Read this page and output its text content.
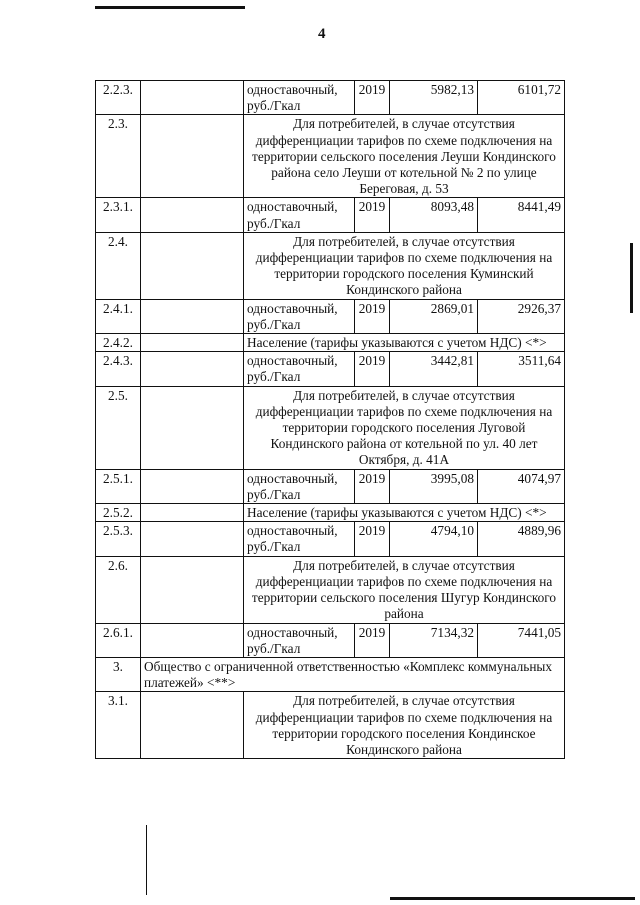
4
2.2.3.		одноставочный, руб./Гкал	2019	5982,13	6101,72
2.3.		Для потребителей, в случае отсутствия дифференциации тарифов по схеме подключения на территории сельского поселения Леуши Кондинского района село Леуши от котельной № 2 по улице Береговая, д. 53			
2.3.1.		одноставочный, руб./Гкал	2019	8093,48	8441,49
2.4.		Для потребителей, в случае отсутствия дифференциации тарифов по схеме подключения на территории городского поселения Куминский Кондинского района			
2.4.1.		одноставочный, руб./Гкал	2019	2869,01	2926,37
2.4.2.		Население (тарифы указываются с учетом НДС) <*>			
2.4.3.		одноставочный, руб./Гкал	2019	3442,81	3511,64
2.5.		Для потребителей, в случае отсутствия дифференциации тарифов по схеме подключения на территории городского поселения Луговой Кондинского района от котельной по ул. 40 лет Октября, д. 41А			
2.5.1.		одноставочный, руб./Гкал	2019	3995,08	4074,97
2.5.2.		Население (тарифы указываются с учетом НДС) <*>			
2.5.3.		одноставочный, руб./Гкал	2019	4794,10	4889,96
2.6.		Для потребителей, в случае отсутствия дифференциации тарифов по схеме подключения на территории сельского поселения Шугур Кондинского района			
2.6.1.		одноставочный, руб./Гкал	2019	7134,32	7441,05
3.	Общество с ограниченной ответственностью «Комплекс коммунальных платежей» <**>				
3.1.		Для потребителей, в случае отсутствия дифференциации тарифов по схеме подключения на территории городского поселения Кондинское Кондинского района			
